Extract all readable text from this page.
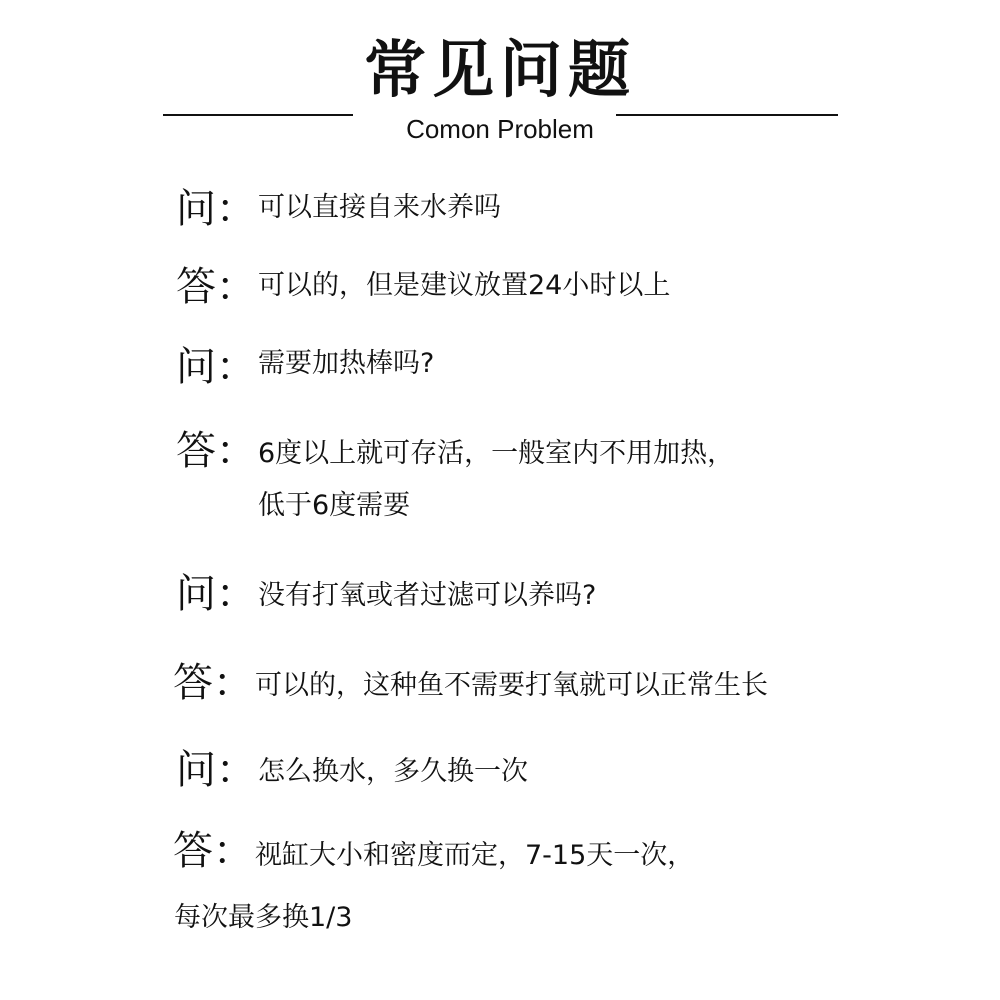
常见问题
Comon Problem
问： 可以直接自来水养吗
答： 可以的，但是建议放置24小时以上
问： 需要加热棒吗?
答： 6度以上就可存活，一般室内不用加热，
低于6度需要
问： 没有打氧或者过滤可以养吗?
答： 可以的，这种鱼不需要打氧就可以正常生长
问： 怎么换水，多久换一次
答： 视缸大小和密度而定，7-15天一次，
每次最多换1/3
